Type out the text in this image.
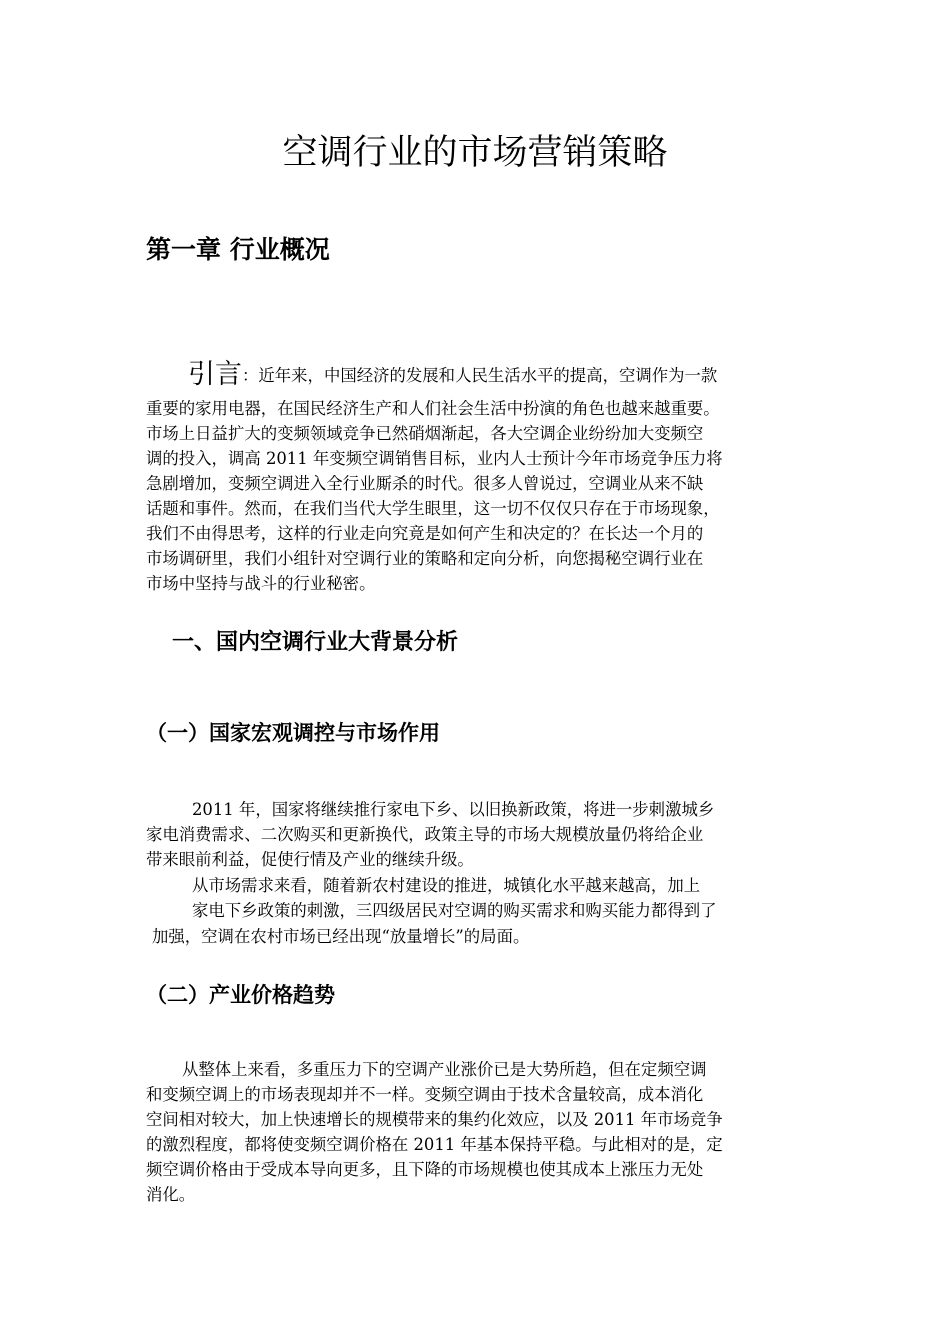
空调行业的市场营销策略
第一章 行业概况
引言：近年来，中国经济的发展和人民生活水平的提高，空调作为一款
重要的家用电器，在国民经济生产和人们社会生活中扮演的角色也越来越重要。
市场上日益扩大的变频领域竞争已然硝烟渐起，各大空调企业纷纷加大变频空
调的投入，调高 2011 年变频空调销售目标，业内人士预计今年市场竞争压力将
急剧增加，变频空调进入全行业厮杀的时代。很多人曾说过，空调业从来不缺
话题和事件。然而，在我们当代大学生眼里，这一切不仅仅只存在于市场现象，
我们不由得思考，这样的行业走向究竟是如何产生和决定的？在长达一个月的
市场调研里，我们小组针对空调行业的策略和定向分析，向您揭秘空调行业在
市场中坚持与战斗的行业秘密。
一、国内空调行业大背景分析
（一）国家宏观调控与市场作用
2011 年，国家将继续推行家电下乡、以旧换新政策，将进一步刺激城乡
家电消费需求、二次购买和更新换代，政策主导的市场大规模放量仍将给企业
带来眼前利益，促使行情及产业的继续升级。
从市场需求来看，随着新农村建设的推进，城镇化水平越来越高，加上
家电下乡政策的刺激，三四级居民对空调的购买需求和购买能力都得到了
加强，空调在农村市场已经出现“放量增长”的局面。
（二）产业价格趋势
从整体上来看，多重压力下的空调产业涨价已是大势所趋，但在定频空调
和变频空调上的市场表现却并不一样。变频空调由于技术含量较高，成本消化
空间相对较大，加上快速增长的规模带来的集约化效应，以及 2011 年市场竞争
的激烈程度，都将使变频空调价格在 2011 年基本保持平稳。与此相对的是，定
频空调价格由于受成本导向更多，且下降的市场规模也使其成本上涨压力无处
消化。
